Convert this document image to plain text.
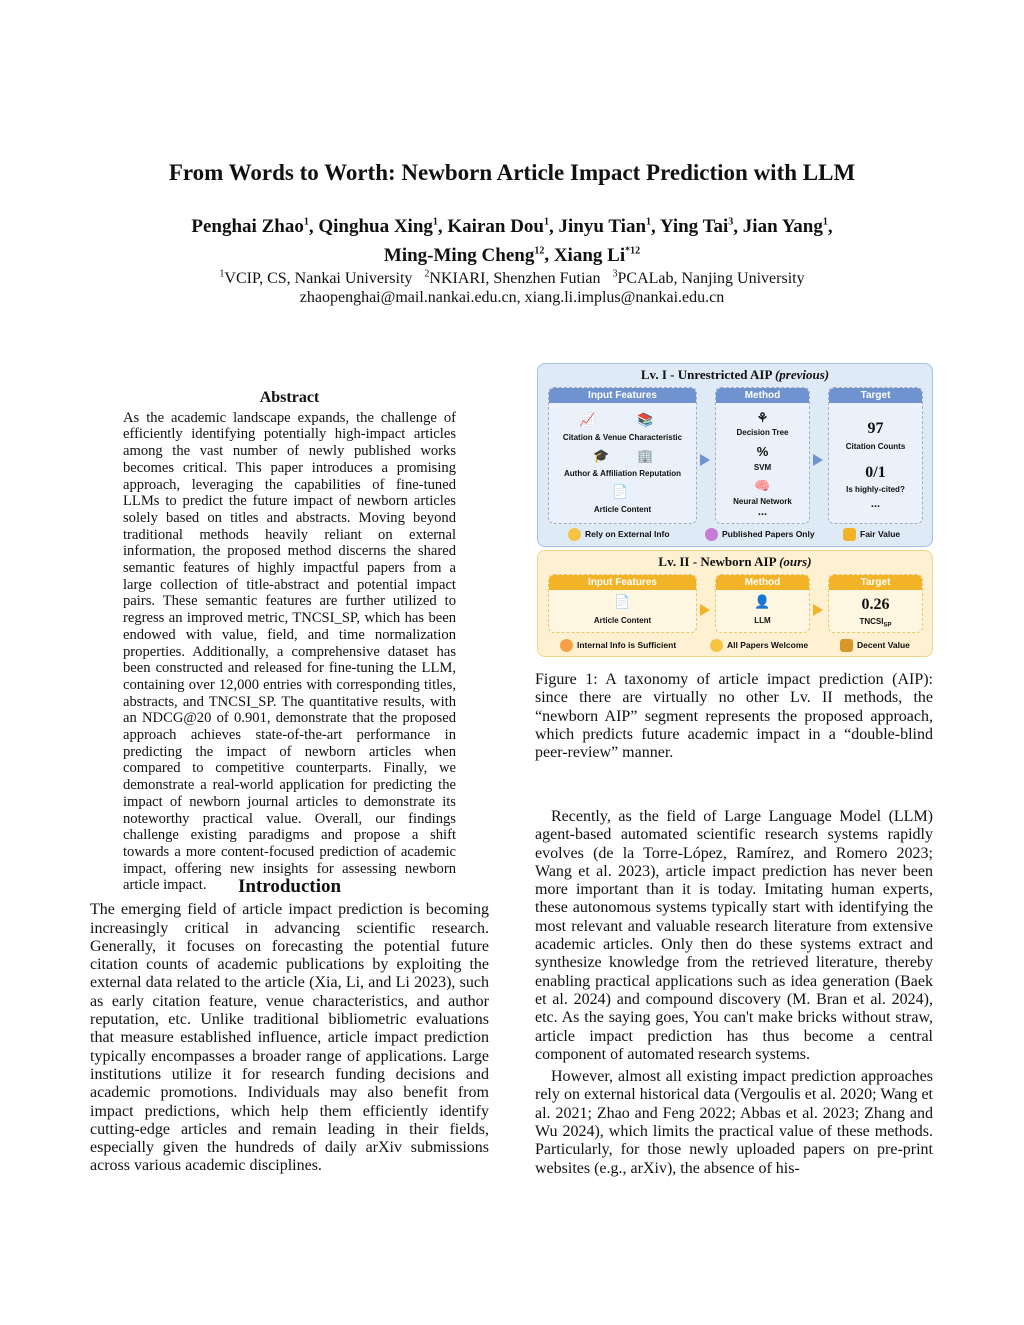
From Words to Worth: Newborn Article Impact Prediction with LLM
Penghai Zhao$^1$, Qinghua Xing$^1$, Kairan Dou$^1$, Jinyu Tian$^1$, Ying Tai$^3$, Jian Yang$^1$,
Ming-Ming Cheng$^{12}$, Xiang Li$^{*12}$
$^1$VCIP, CS, Nankai University $^2$NKIARI, Shenzhen Futian $^3$PCALab, Nanjing University
zhaopenghai@mail.nankai.edu.cn, xiang.li.implus@nankai.edu.cn
Abstract
As the academic landscape expands, the challenge of efficiently identifying potentially high-impact articles among the vast number of newly published works becomes critical. This paper introduces a promising approach, leveraging the capabilities of fine-tuned LLMs to predict the future impact of newborn articles solely based on titles and abstracts. Moving beyond traditional methods heavily reliant on external information, the proposed method discerns the shared semantic features of highly impactful papers from a large collection of title-abstract and potential impact pairs. These semantic features are further utilized to regress an improved metric, TNCSI_SP, which has been endowed with value, field, and time normalization properties. Additionally, a comprehensive dataset has been constructed and released for fine-tuning the LLM, containing over 12,000 entries with corresponding titles, abstracts, and TNCSI_SP. The quantitative results, with an NDCG@20 of 0.901, demonstrate that the proposed approach achieves state-of-the-art performance in predicting the impact of newborn articles when compared to competitive counterparts. Finally, we demonstrate a real-world application for predicting the impact of newborn journal articles to demonstrate its noteworthy practical value. Overall, our findings challenge existing paradigms and propose a shift towards a more content-focused prediction of academic impact, offering new insights for assessing newborn article impact.	Introduction
The emerging field of article impact prediction is becoming increasingly critical in advancing scientific research. Generally, it focuses on forecasting the potential future citation counts of academic publications by exploiting the external data related to the article (Xia, Li, and Li 2023), such as early citation feature, venue characteristics, and author reputation, etc. Unlike traditional bibliometric evaluations that measure established influence, article impact prediction typically encompasses a broader range of applications. Large institutions utilize it for research funding decisions and academic promotions. Individuals may also benefit from impact predictions, which help them efficiently identify cutting-edge articles and remain leading in their fields, especially given the hundreds of daily arXiv submissions across various academic disciplines.
Lv. I - Unrestricted AIP (previous)
Input Features
📈	📚
Citation & Venue Characteristic
🎓 🏢
Author & Affiliation Reputation
📄
Article Content
Method
⚘
Decision Tree
%
SVM
🧠
Neural Network
...
Target
97
Citation Counts
0/1
Is highly-cited?
...
Rely on External Info	Published Papers Only	Fair Value
Lv. II - Newborn AIP (ours)
Input Features
📄
Article Content
Method
👤
LLM
Target
0.26
$TNCSI_{SP}$
Internal Info is Sufficient	All Papers Welcome	Decent Value
Figure 1: A taxonomy of article impact prediction (AIP): since there are virtually no other Lv. II methods, the “newborn AIP” segment represents the proposed approach, which predicts future academic impact in a “double-blind peer-review” manner.
Recently, as the field of Large Language Model (LLM) agent-based automated scientific research systems rapidly evolves (de la Torre-López, Ramírez, and Romero 2023; Wang et al. 2023), article impact prediction has never been more important than it is today. Imitating human experts, these autonomous systems typically start with identifying the most relevant and valuable research literature from extensive academic articles. Only then do these systems extract and synthesize knowledge from the retrieved literature, thereby enabling practical applications such as idea generation (Baek et al. 2024) and compound discovery (M. Bran et al. 2024), etc. As the saying goes, You can't make bricks without straw, article impact prediction has thus become a central component of automated research systems.
However, almost all existing impact prediction approaches rely on external historical data (Vergoulis et al. 2020; Wang et al. 2021; Zhao and Feng 2022; Abbas et al. 2023; Zhang and Wu 2024), which limits the practical value of these methods. Particularly, for those newly uploaded papers on pre-print websites (e.g., arXiv), the absence of his-
